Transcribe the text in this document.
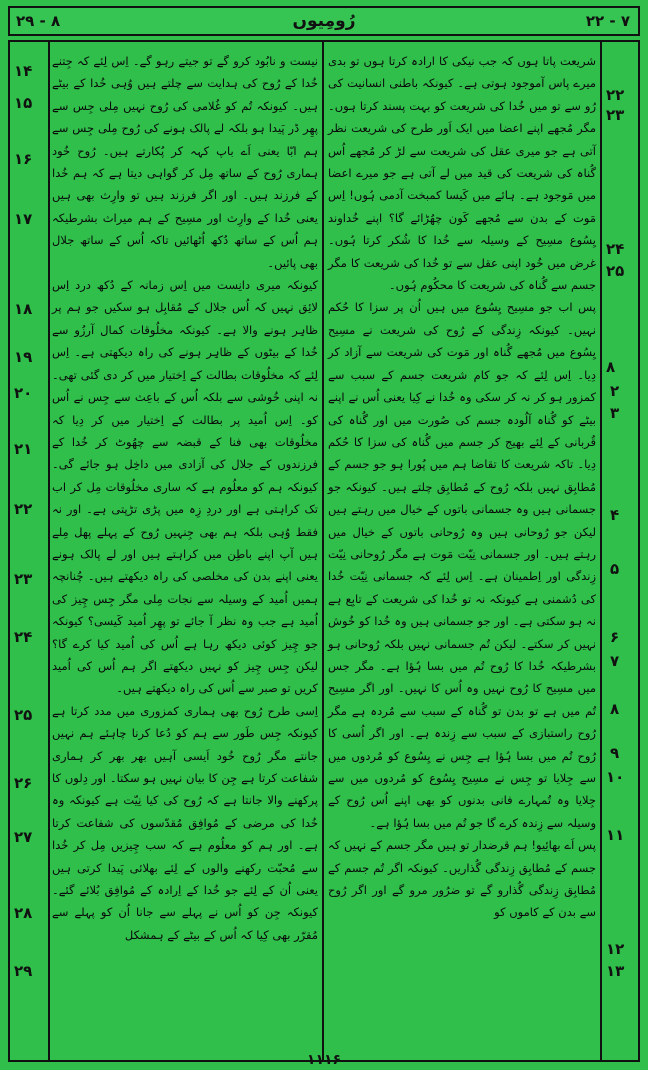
۲۹ - ۸	رُومِیوں	۲۲ - ۷

شریعت پاتا ہوں کہ جب نیکی کا ارادہ کرتا ہوں تو بدی میرے پاس آموجود ہوتی ہے۔ کیونکہ باطنی انسانیت کی رُو سے تو میں خُدا کی شریعت کو بہت پسند کرتا ہوں۔ مگر مُجھے اپنے اعضا میں ایک اَور طرح کی شریعت نظر آتی ہے جو میری عقل کی شریعت سے لڑ کر مُجھے اُس گُناہ کی شریعت کی قید میں لے آتی ہے جو میرے اعضا میں مَوجود ہے۔ ہائے میں کَیسا کمبخت آدمی ہُوں! اِس مَوت کے بدن سے مُجھے کَون چھُڑائے گا؟ اپنے خُداوند یِسُوع مسِیح کے وسیلہ سے خُدا کا شُکر کرتا ہُوں۔ غرض میں خُود اپنی عقل سے تو خُدا کی شریعت کا مگر جسم سے گُناہ کی شریعت کا محکُوم ہُوں۔

پس اب جو مسِیح یِسُوع میں ہیں اُن پر سزا کا حُکم نہیں۔ کیونکہ زِندگی کے رُوح کی شریعت نے مسِیح یِسُوع میں مُجھے گُناہ اور مَوت کی شریعت سے آزاد کر دِیا۔ اِس لِئے کہ جو کام شریعت جسم کے سبب سے کمزور ہو کر نہ کر سکی وہ خُدا نے کِیا یعنی اُس نے اپنے بیٹے کو گُناہ آلُودہ جسم کی صُورت میں اور گُناہ کی قُربانی کے لِئے بھیج کر جسم میں گُناہ کی سزا کا حُکم دِیا۔ تاکہ شریعت کا تقاضا ہم میں پُورا ہو جو جسم کے مُطابِق نہیں بلکہ رُوح کے مُطابِق چلتے ہیں۔ کیونکہ جو جسمانی ہیں وہ جسمانی باتوں کے خیال میں رہتے ہیں لیکن جو رُوحانی ہیں وہ رُوحانی باتوں کے خیال میں رہتے ہیں۔ اور جسمانی نِیّت مَوت ہے مگر رُوحانی نِیّت زِندگی اور اِطمینان ہے۔ اِس لِئے کہ جسمانی نِیّت خُدا کی دُشمنی ہے کیونکہ نہ تو خُدا کی شریعت کے تابِع ہے نہ ہو سکتی ہے۔ اور جو جسمانی ہیں وہ خُدا کو خُوش نہیں کر سکتے۔ لیکن تُم جسمانی نہیں بلکہ رُوحانی ہو بشرطیکہ خُدا کا رُوح تُم میں بسا ہُؤا ہے۔ مگر جس میں مسِیح کا رُوح نہیں وہ اُس کا نہیں۔ اور اگر مسِیح تُم میں ہے تو بدن تو گُناہ کے سبب سے مُردہ ہے مگر رُوح راستبازی کے سبب سے زِندہ ہے۔ اور اگر اُسی کا رُوح تُم میں بسا ہُؤا ہے جِس نے یِسُوع کو مُردوں میں سے جِلایا تو جِس نے مسِیح یِسُوع کو مُردوں میں سے جِلایا وہ تُمہارے فانی بدنوں کو بھی اپنے اُس رُوح کے وسیلہ سے زِندہ کرے گا جو تُم میں بسا ہُؤا ہے۔

پس اَے بھائِیو! ہم قرضدار تو ہیں مگر جسم کے نہیں کہ جسم کے مُطابِق زِندگی گُذاریں۔ کیونکہ اگر تُم جسم کے مُطابِق زِندگی گُذارو گے تو ضرُور مرو گے اور اگر رُوح سے بدن کے کاموں کو

نیست و نابُود کرو گے تو جیتے رہو گے۔ اِس لِئے کہ جِتنے خُدا کے رُوح کی ہدایت سے چلتے ہیں وُہی خُدا کے بیٹے ہیں۔ کیونکہ تُم کو غُلامی کی رُوح نہیں مِلی جِس سے پھِر ڈر پَیدا ہو بلکہ لے پالک ہونے کی رُوح مِلی جِس سے ہم ابّا یعنی اَے باپ کہہ کر پُکارتے ہیں۔ رُوح خُود ہماری رُوح کے ساتھ مِل کر گواہی دیتا ہے کہ ہم خُدا کے فرزند ہیں۔ اور اگر فرزند ہیں تو وارِث بھی ہیں یعنی خُدا کے وارِث اور مسِیح کے ہم میراث بشرطیکہ ہم اُس کے ساتھ دُکھ اُٹھائیں تاکہ اُس کے ساتھ جلال بھی پائیں۔

کیونکہ میری دانِست میں اِس زمانہ کے دُکھ درد اِس لائِق نہیں کہ اُس جلال کے مُقابِل ہو سکیں جو ہم پر ظاہِر ہونے والا ہے۔ کیونکہ مخلُوقات کمال آرزُو سے خُدا کے بیٹوں کے ظاہِر ہونے کی راہ دیکھتی ہے۔ اِس لِئے کہ مخلُوقات بطالت کے اِختیار میں کر دی گئی تھی۔ نہ اپنی خُوشی سے بلکہ اُس کے باعِث سے جِس نے اُس کو۔ اِس اُمید پر بطالت کے اِختیار میں کر دِیا کہ مخلُوقات بھی فنا کے قبضہ سے چھُوٹ کر خُدا کے فرزندوں کے جلال کی آزادی میں داخِل ہو جائے گی۔ کیونکہ ہم کو معلُوم ہے کہ ساری مخلُوقات مِل کر اب تک کراہتی ہے اور دردِ زِہ میں پڑی تڑپتی ہے۔ اور نہ فقط وُہی بلکہ ہم بھی جِنہیں رُوح کے پہلے پھل مِلے ہیں آپ اپنے باطِن میں کراہتے ہیں اور لے پالک ہونے یعنی اپنے بدن کی مخلصی کی راہ دیکھتے ہیں۔ چُنانچہ ہمیں اُمید کے وسیلہ سے نجات مِلی مگر جِس چِیز کی اُمید ہے جب وہ نظر آ جائے تو پھِر اُمید کَیسی؟ کیونکہ جو چِیز کوئی دیکھ رہا ہے اُس کی اُمید کیا کرے گا؟ لیکن جِس چِیز کو نہیں دیکھتے اگر ہم اُس کی اُمید کریں تو صبر سے اُس کی راہ دیکھتے ہیں۔

اِسی طرح رُوح بھی ہماری کمزوری میں مدد کرتا ہے کیونکہ جِس طَور سے ہم کو دُعا کرنا چاہئے ہم نہیں جانتے مگر رُوح خُود اَیسی آہیں بھر بھر کر ہماری شفاعت کرتا ہے جِن کا بیان نہیں ہو سکتا۔ اور دِلوں کا پرکھنے والا جانتا ہے کہ رُوح کی کیا نِیّت ہے کیونکہ وہ خُدا کی مرضی کے مُوافِق مُقدّسوں کی شفاعت کرتا ہے۔ اور ہم کو معلُوم ہے کہ سب چِیزیں مِل کر خُدا سے مُحبّت رکھنے والوں کے لِئے بھلائی پَیدا کرتی ہیں یعنی اُن کے لِئے جو خُدا کے اِرادہ کے مُوافِق بُلائے گئے۔ کیونکہ جِن کو اُس نے پہلے سے جانا اُن کو پہلے سے مُقرّر بھی کِیا کہ اُس کے بیٹے کے ہمشکل

۲۲
۲۳
۲۴
۲۵
۸
۲
۳
۴
۵
۶
۷
۸
۹
۱۰
۱۱
۱۲
۱۳
۱۴
۱۵
۱۶
۱۷
۱۸
۱۹
۲۰
۲۱
۲۲
۲۳
۲۴
۲۵
۲۶
۲۷
۲۸
۲۹
۱۱۱۶
